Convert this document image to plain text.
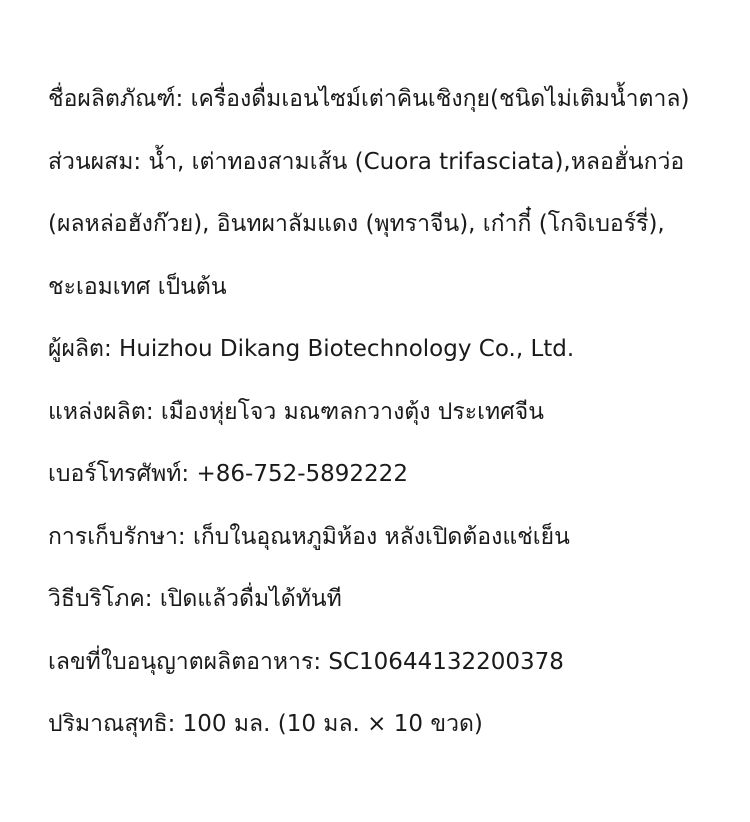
ชื่อผลิตภัณฑ์: เครื่องดื่มเอนไซม์เต่าคินเชิงกุย(ชนิดไม่เติมน้ำตาล)
ส่วนผสม: น้ำ, เต่าทองสามเส้น (Cuora trifasciata),หลอฮั่นกว่อ
(ผลหล่อฮังก๊วย), อินทผาลัมแดง (พุทราจีน), เก๋ากี๋ (โกจิเบอร์รี่),
ชะเอมเทศ เป็นต้น
ผู้ผลิต: Huizhou Dikang Biotechnology Co., Ltd.
แหล่งผลิต: เมืองหุ่ยโจว มณฑลกวางตุ้ง ประเทศจีน
เบอร์โทรศัพท์: +86-752-5892222
การเก็บรักษา: เก็บในอุณหภูมิห้อง หลังเปิดต้องแช่เย็น
วิธีบริโภค: เปิดแล้วดื่มได้ทันที
เลขที่ใบอนุญาตผลิตอาหาร: SC10644132200378
ปริมาณสุทธิ: 100 มล. (10 มล. × 10 ขวด)
